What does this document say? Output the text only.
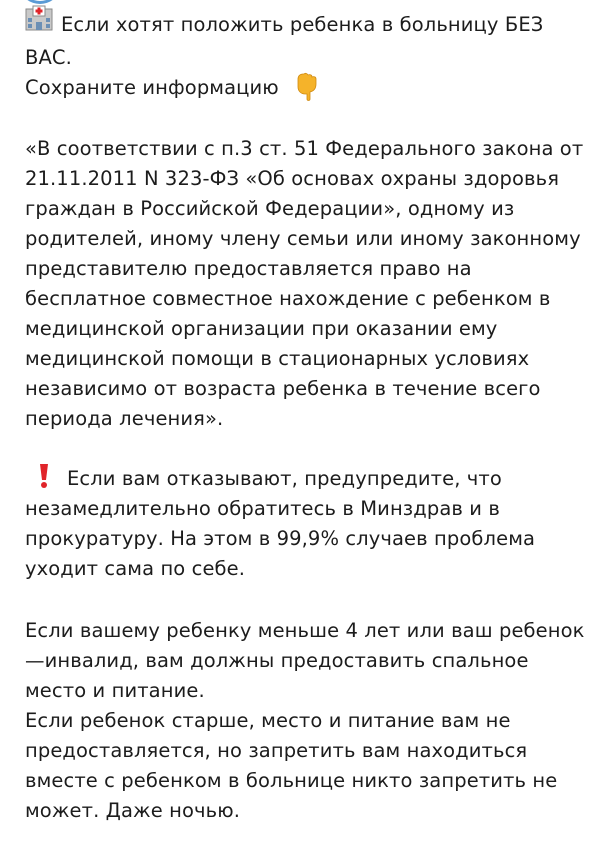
Если хотят положить ребенка в больницу БЕЗ ВАС.
Сохраните информацию

«В соответствии с п.3 ст. 51 Федерального закона от 21.11.2011 N 323-ФЗ «Об основах охраны здоровья граждан в Российской Федерации», одному из родителей, иному члену семьи или иному законному представителю предоставляется право на бесплатное совместное нахождение с ребенком в медицинской организации при оказании ему медицинской помощи в стационарных условиях независимо от возраста ребенка в течение всего периода лечения».

Если вам отказывают, предупредите, что незамедлительно обратитесь в Минздрав и в прокуратуру. На этом в 99,9% случаев проблема уходит сама по себе.

Если вашему ребенку меньше 4 лет или ваш ребенок —инвалид, вам должны предоставить спальное место и питание.

Если ребенок старше, место и питание вам не предоставляется, но запретить вам находиться вместе с ребенком в больнице никто запретить не может. Даже ночью.
